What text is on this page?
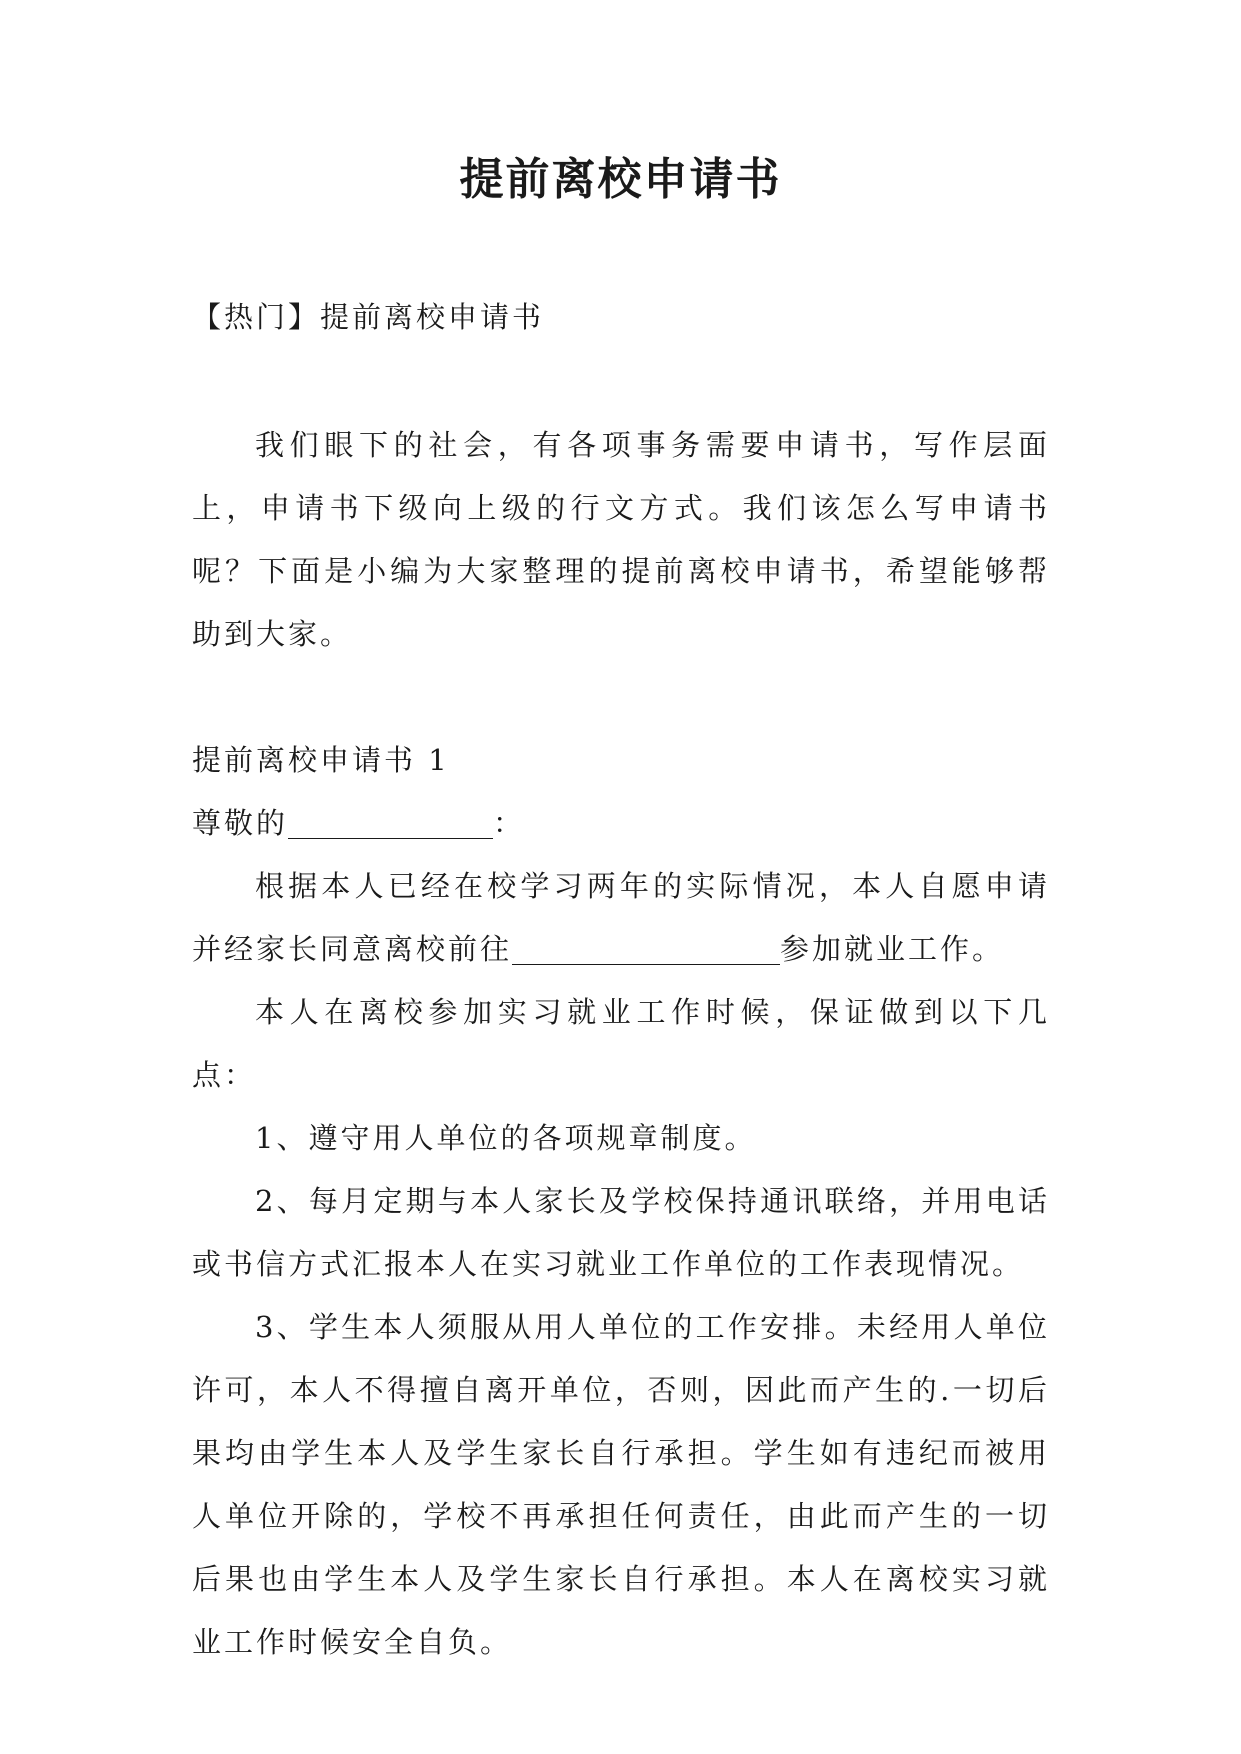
提前离校申请书

【热门】提前离校申请书

我们眼下的社会，有各项事务需要申请书，写作层面上，申请书下级向上级的行文方式。我们该怎么写申请书呢？下面是小编为大家整理的提前离校申请书，希望能够帮助到大家。

提前离校申请书 1

尊敬的	：

根据本人已经在校学习两年的实际情况，本人自愿申请并经家长同意离校前往	参加就业工作。

本人在离校参加实习就业工作时候，保证做到以下几点：

1、遵守用人单位的各项规章制度。

2、每月定期与本人家长及学校保持通讯联络，并用电话或书信方式汇报本人在实习就业工作单位的工作表现情况。

3、学生本人须服从用人单位的工作安排。未经用人单位许可，本人不得擅自离开单位，否则，因此而产生的.一切后果均由学生本人及学生家长自行承担。学生如有违纪而被用人单位开除的，学校不再承担任何责任，由此而产生的一切后果也由学生本人及学生家长自行承担。本人在离校实习就业工作时候安全自负。
